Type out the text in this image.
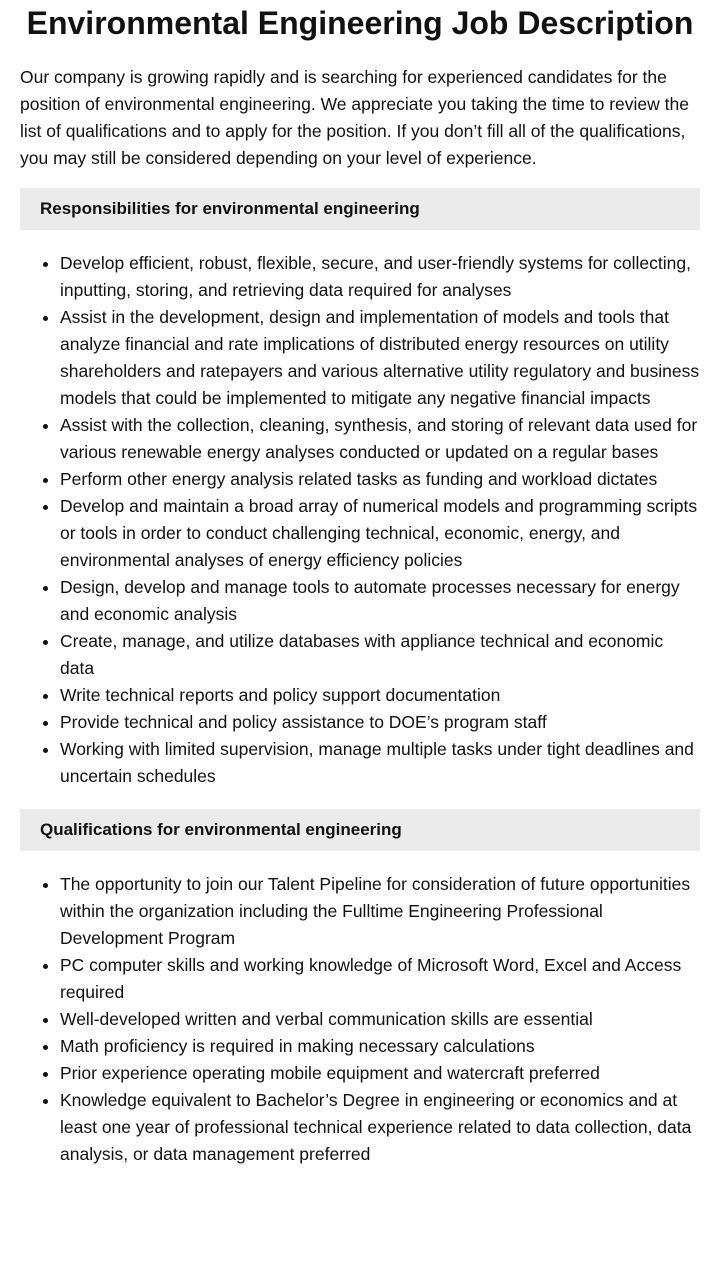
Environmental Engineering Job Description

Our company is growing rapidly and is searching for experienced candidates for the position of environmental engineering. We appreciate you taking the time to review the list of qualifications and to apply for the position. If you don’t fill all of the qualifications, you may still be considered depending on your level of experience.

Responsibilities for environmental engineering
• Develop efficient, robust, flexible, secure, and user-friendly systems for collecting, inputting, storing, and retrieving data required for analyses
• Assist in the development, design and implementation of models and tools that analyze financial and rate implications of distributed energy resources on utility shareholders and ratepayers and various alternative utility regulatory and business models that could be implemented to mitigate any negative financial impacts
• Assist with the collection, cleaning, synthesis, and storing of relevant data used for various renewable energy analyses conducted or updated on a regular bases
• Perform other energy analysis related tasks as funding and workload dictates
• Develop and maintain a broad array of numerical models and programming scripts or tools in order to conduct challenging technical, economic, energy, and environmental analyses of energy efficiency policies
• Design, develop and manage tools to automate processes necessary for energy and economic analysis
• Create, manage, and utilize databases with appliance technical and economic data
• Write technical reports and policy support documentation
• Provide technical and policy assistance to DOE’s program staff
• Working with limited supervision, manage multiple tasks under tight deadlines and uncertain schedules
Qualifications for environmental engineering
• The opportunity to join our Talent Pipeline for consideration of future opportunities within the organization including the Fulltime Engineering Professional Development Program
• PC computer skills and working knowledge of Microsoft Word, Excel and Access required
• Well-developed written and verbal communication skills are essential
• Math proficiency is required in making necessary calculations
• Prior experience operating mobile equipment and watercraft preferred
• Knowledge equivalent to Bachelor’s Degree in engineering or economics and at least one year of professional technical experience related to data collection, data analysis, or data management preferred
